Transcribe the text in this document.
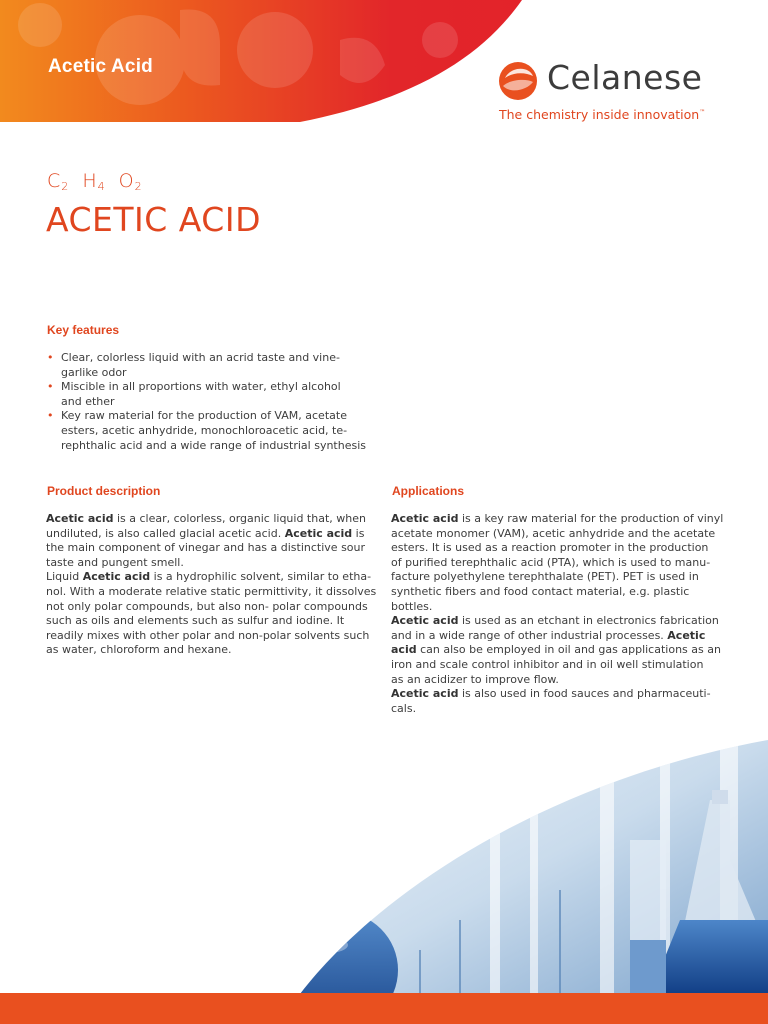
Acetic Acid	Celanese
The chemistry inside innovation™
$C_2$ $H_4$ $O_2$
ACETIC ACID
Key features
• Clear, colorless liquid with an acrid taste and vine-
garlike odor
• Miscible in all proportions with water, ethyl alcohol
and ether
• Key raw material for the production of VAM, acetate
esters, acetic anhydride, monochloroacetic acid, te-
rephthalic acid and a wide range of industrial synthesis
Product description

Acetic acid is a clear, colorless, organic liquid that, when

undiluted, is also called glacial acetic acid. Acetic acid is

the main component of vinegar and has a distinctive sour

taste and pungent smell.

Liquid Acetic acid is a hydrophilic solvent, similar to etha-

nol. With a moderate relative static permittivity, it dissolves

not only polar compounds, but also non- polar compounds

such as oils and elements such as sulfur and iodine. It

readily mixes with other polar and non-polar solvents such

as water, chloroform and hexane.

Applications

Acetic acid is a key raw material for the production of vinyl

acetate monomer (VAM), acetic anhydride and the acetate

esters. It is used as a reaction promoter in the production

of purified terephthalic acid (PTA), which is used to manu-

facture polyethylene terephthalate (PET). PET is used in

synthetic fibers and food contact material, e.g. plastic

bottles.

Acetic acid is used as an etchant in electronics fabrication

and in a wide range of other industrial processes. Acetic

acid can also be employed in oil and gas applications as an

iron and scale control inhibitor and in oil well stimulation

as an acidizer to improve flow.

Acetic acid is also used in food sauces and pharmaceuti-

cals.
